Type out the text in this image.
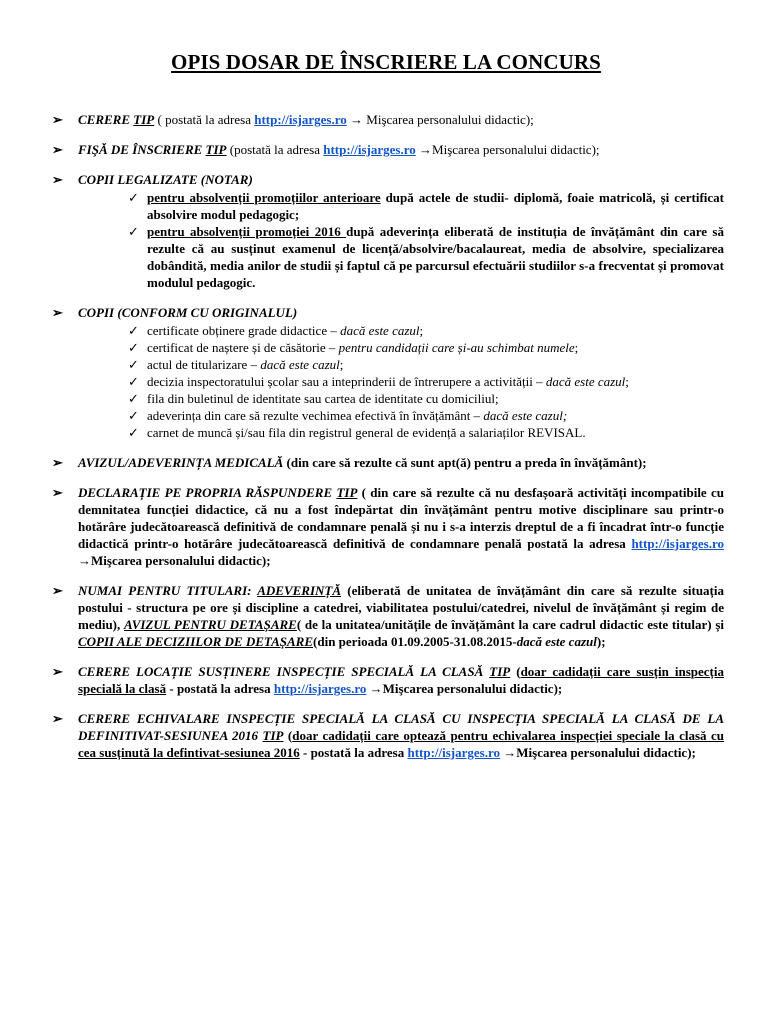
OPIS DOSAR DE ÎNSCRIERE LA CONCURS
➢ CERERE TIP ( postată la adresa http://isjarges.ro → Mişcarea personalului didactic);
➢ FIŞĂ DE ÎNSCRIERE TIP (postată la adresa http://isjarges.ro →Mişcarea personalului didactic);
➢ COPII LEGALIZATE (NOTAR)
✓ pentru absolvenții promoțiilor anterioare după actele de studii- diplomă, foaie matricolă, și certificat absolvire modul pedagogic;
✓ pentru absolvenții promoției 2016 după adeverința eliberată de instituția de învățământ din care să rezulte că au susținut examenul de licență/absolvire/bacalaureat, media de absolvire, specializarea dobândită, media anilor de studii și faptul că pe parcursul efectuării studiilor s-a frecventat și promovat modulul pedagogic.
➢ COPII (CONFORM CU ORIGINALUL)
✓ certificate obținere grade didactice – dacă este cazul;
✓ certificat de naștere și de căsătorie – pentru candidații care și-au schimbat numele;
✓ actul de titularizare – dacă este cazul;
✓ decizia inspectoratului școlar sau a inteprinderii de întrerupere a activității – dacă este cazul;
✓ fila din buletinul de identitate sau cartea de identitate cu domiciliul;
✓ adeverința din care să rezulte vechimea efectivă în învățământ – dacă este cazul;
✓ carnet de muncă și/sau fila din registrul general de evidență a salariaților REVISAL.
➢ AVIZUL/ADEVERINȚA MEDICALĂ (din care să rezulte că sunt apt(ă) pentru a preda în învățământ);
➢ DECLARAȚIE PE PROPRIA RĂSPUNDERE TIP ( din care să rezulte că nu desfașoară activități incompatibile cu demnitatea funcției didactice, că nu a fost îndepărtat din învățământ pentru motive disciplinare sau printr-o hotărâre judecătoarească definitivă de condamnare penală și nu i s-a interzis dreptul de a fi încadrat într-o funcție didactică printr-o hotărâre judecătoarească definitivă de condamnare penală postată la adresa http://isjarges.ro →Mişcarea personalului didactic);
➢ NUMAI PENTRU TITULARI: ADEVERINȚĂ (eliberată de unitatea de învățământ din care să rezulte situația postului - structura pe ore și discipline a catedrei, viabilitatea postului/catedrei, nivelul de învățământ și regim de mediu), AVIZUL PENTRU DETAȘARE( de la unitatea/unitățile de învățământ la care cadrul didactic este titular) și COPII ALE DECIZIILOR DE DETAȘARE(din perioada 01.09.2005-31.08.2015-dacă este cazul);
➢ CERERE LOCAȚIE SUSȚINERE INSPECȚIE SPECIALĂ LA CLASĂ TIP (doar cadidații care susțin inspecția specială la clasă - postată la adresa http://isjarges.ro →Mişcarea personalului didactic);
➢ CERERE ECHIVALARE INSPECȚIE SPECIALĂ LA CLASĂ CU INSPECȚIA SPECIALĂ LA CLASĂ DE LA DEFINITIVAT-SESIUNEA 2016 TIP (doar cadidații care optează pentru echivalarea inspecției speciale la clasă cu cea susținută la defintivat-sesiunea 2016 - postată la adresa http://isjarges.ro →Mişcarea personalului didactic);
